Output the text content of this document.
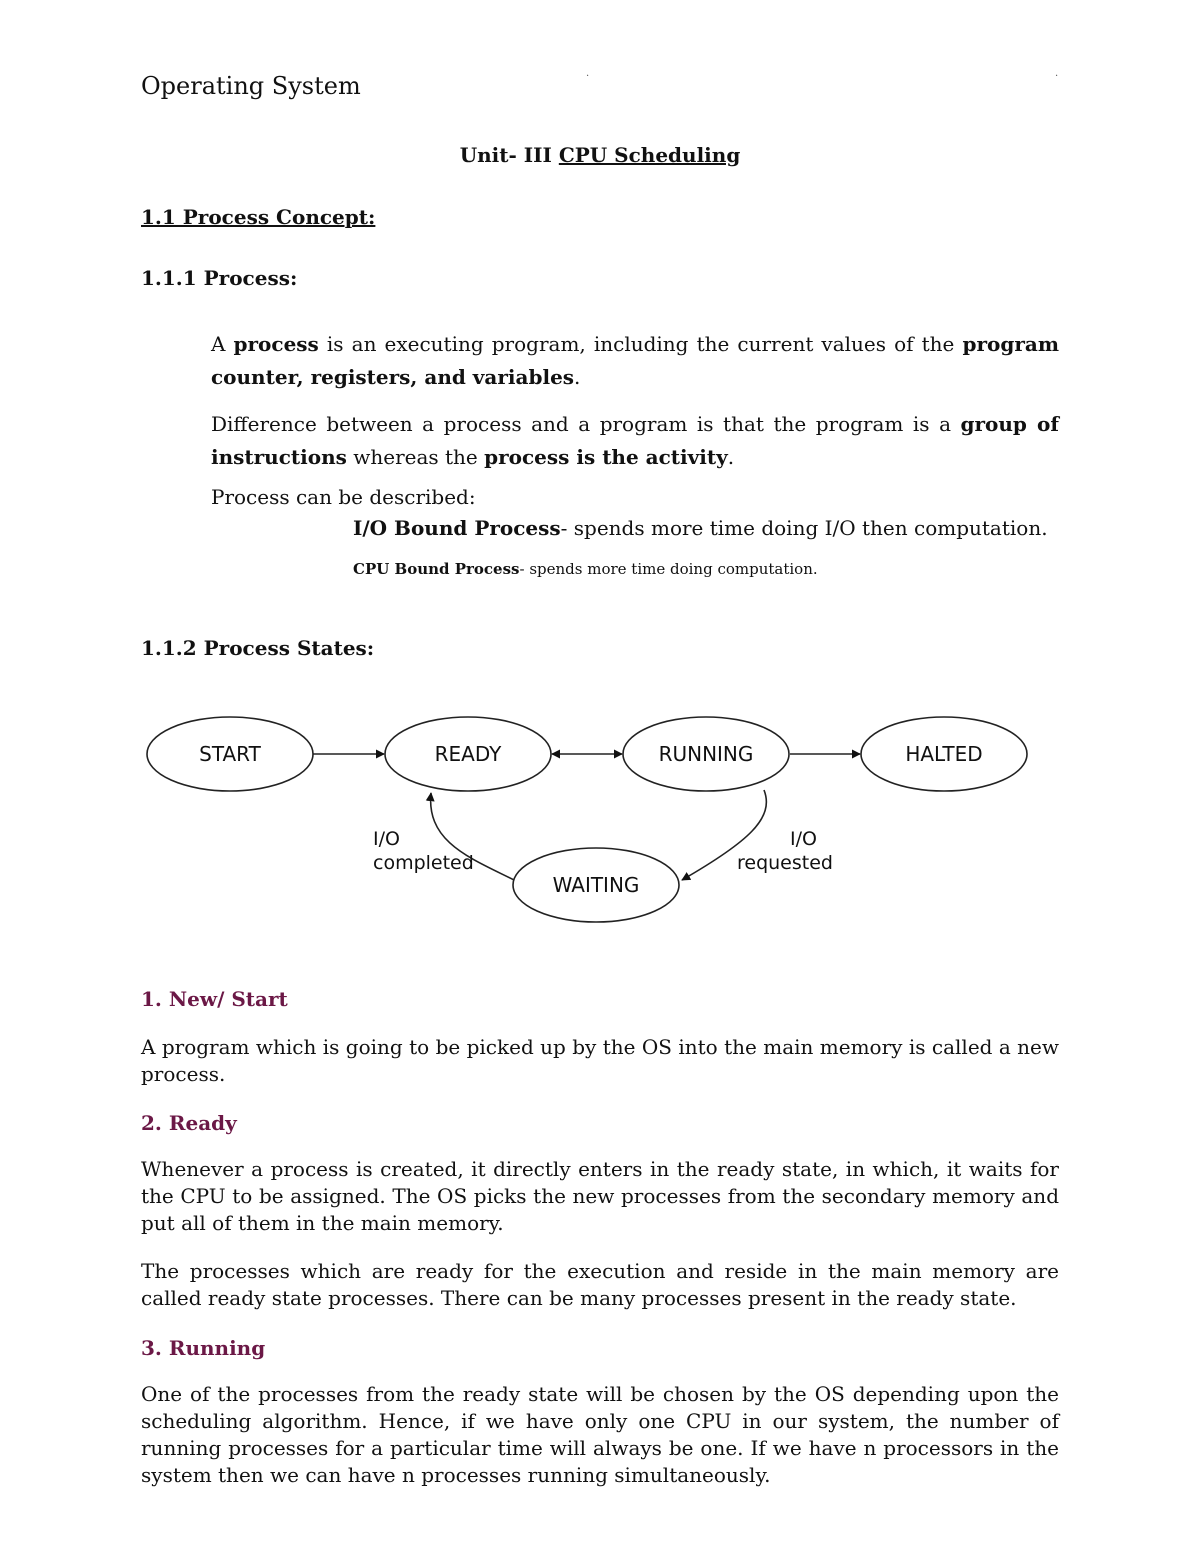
Operating System	.	.
Unit- III CPU Scheduling
1.1 Process Concept:
1.1.1 Process:
A process is an executing program, including the current values of the program counter, registers, and variables.
Difference between a process and a program is that the program is a group of instructions whereas the process is the activity.
Process can be described:
I/O Bound Process- spends more time doing I/O then computation.
CPU Bound Process- spends more time doing computation.
1.1.2 Process States:
START	READY	RUNNING	HALTED
WAITING
I/O
completed
I/O
requested
1. New/ Start
A program which is going to be picked up by the OS into the main memory is called a new process.
2. Ready
Whenever a process is created, it directly enters in the ready state, in which, it waits for the CPU to be assigned. The OS picks the new processes from the secondary memory and put all of them in the main memory.
The processes which are ready for the execution and reside in the main memory are called ready state processes. There can be many processes present in the ready state.
3. Running
One of the processes from the ready state will be chosen by the OS depending upon the scheduling algorithm. Hence, if we have only one CPU in our system, the number of running processes for a particular time will always be one. If we have n processors in the system then we can have n processes running simultaneously.
